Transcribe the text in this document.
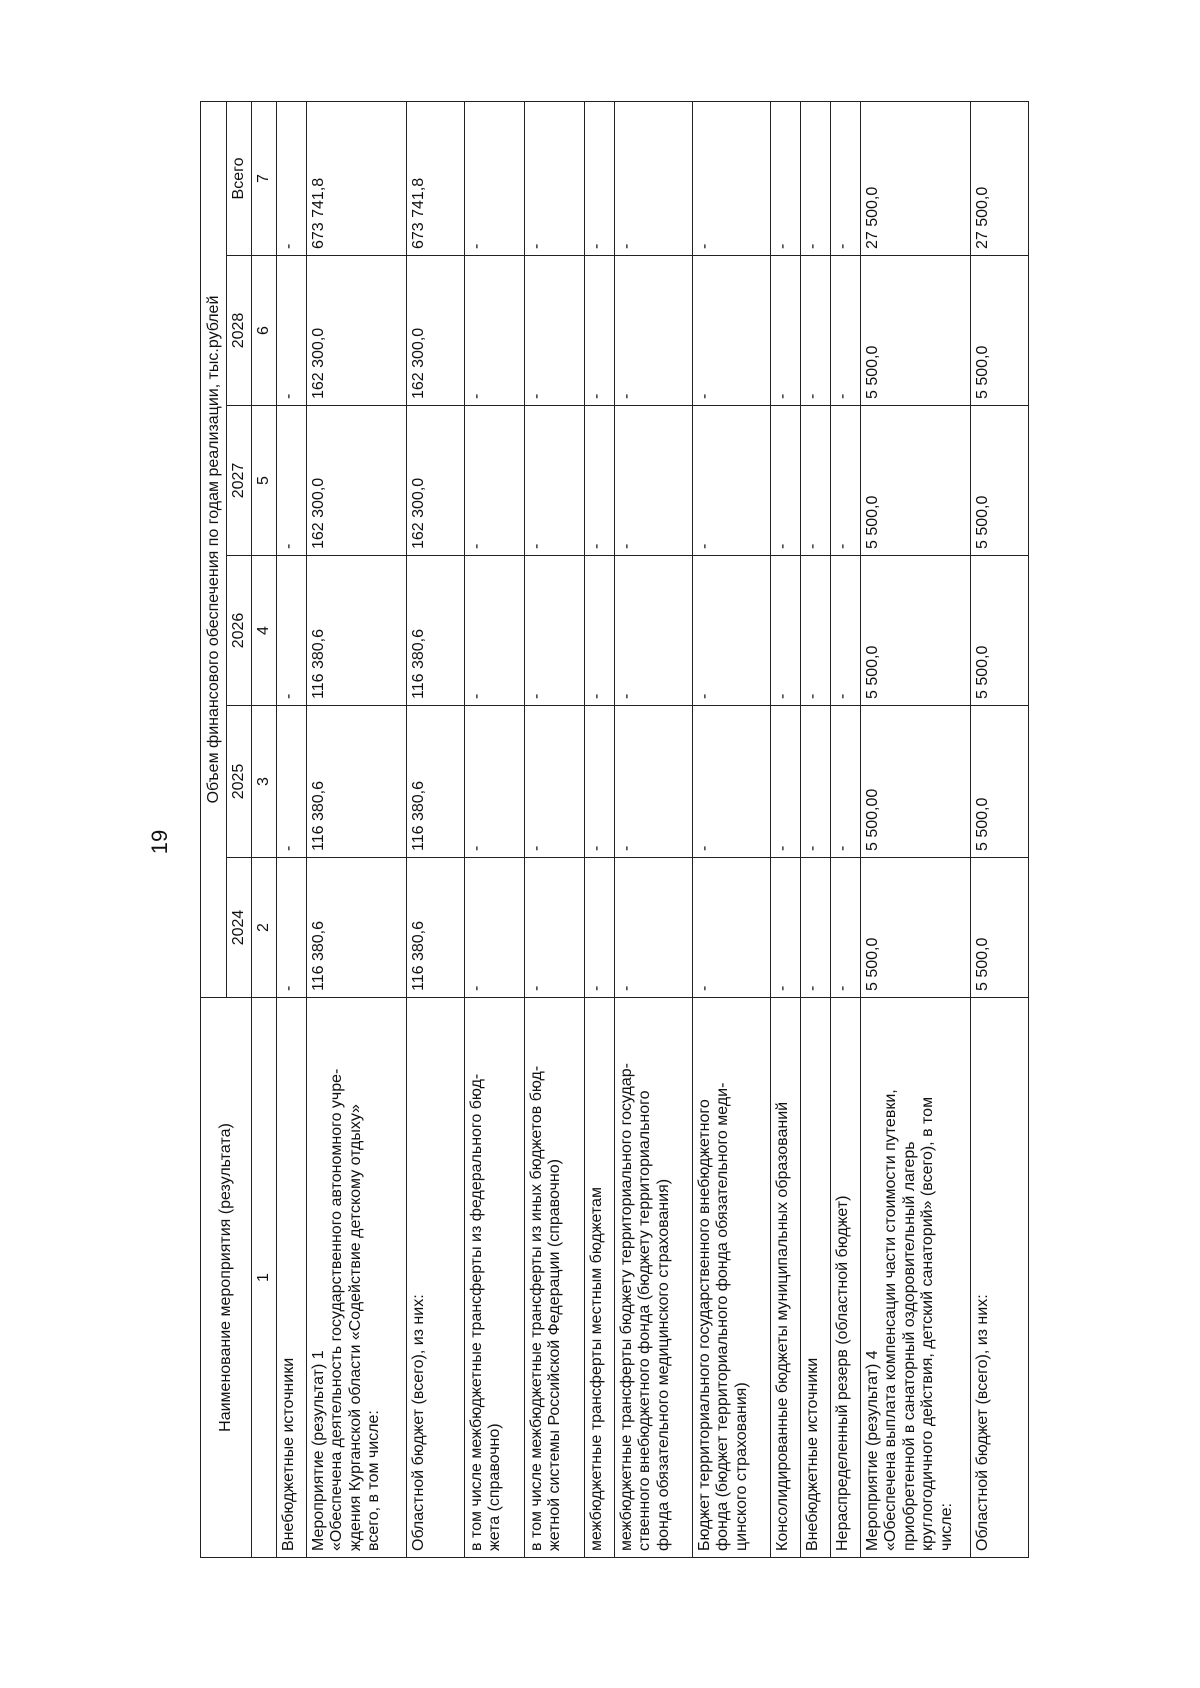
19
Наименование мероприятия (результата)	Объем финансового обеспечения по годам реализации, тыс.рублей					
	2024	2025	2026	2027	2028	Всего
1	2	3	4	5	6	7

Внебюджетные источники	-	-	-	-	-	-

Мероприятие (результат) 1 «Обеспечена деятельность государственного автономного учре- ждения Курганской области «Содействие детскому отдыху» всего, в том числе:	116 380,6	116 380,6	116 380,6	162 300,0	162 300,0	673 741,8

Областной бюджет (всего), из них:	116 380,6	116 380,6	116 380,6	162 300,0	162 300,0	673 741,8

в том числе межбюджетные трансферты из федерального бюд- жета (справочно)	-	-	-	-	-	-

в том числе межбюджетные трансферты из иных бюджетов бюд- жетной системы Российской Федерации (справочно)	-	-	-	-	-	-

межбюджетные трансферты местным бюджетам	-	-	-	-	-	-

межбюджетные трансферты бюджету территориального государ- ственного внебюджетного фонда (бюджету территориального фонда обязательного медицинского страхования)	-	-	-	-	-	-

Бюджет территориального государственного внебюджетного фонда (бюджет территориального фонда обязательного меди- цинского страхования)	-	-	-	-	-	-

Консолидированные бюджеты муниципальных образований	-	-	-	-	-	-

Внебюджетные источники	-	-	-	-	-	-

Нераспределенный резерв (областной бюджет)	-	-	-	-	-	-

Мероприятие (результат) 4 «Обеспечена выплата компенсации части стоимости путевки, приобретенной в санаторный оздоровительный лагерь круглогодичного действия, детский санаторий» (всего), в том числе:	5 500,0	5 500,00	5 500,0	5 500,0	5 500,0	27 500,0

Областной бюджет (всего), из них:	5 500,0	5 500,0	5 500,0	5 500,0	5 500,0	27 500,0
